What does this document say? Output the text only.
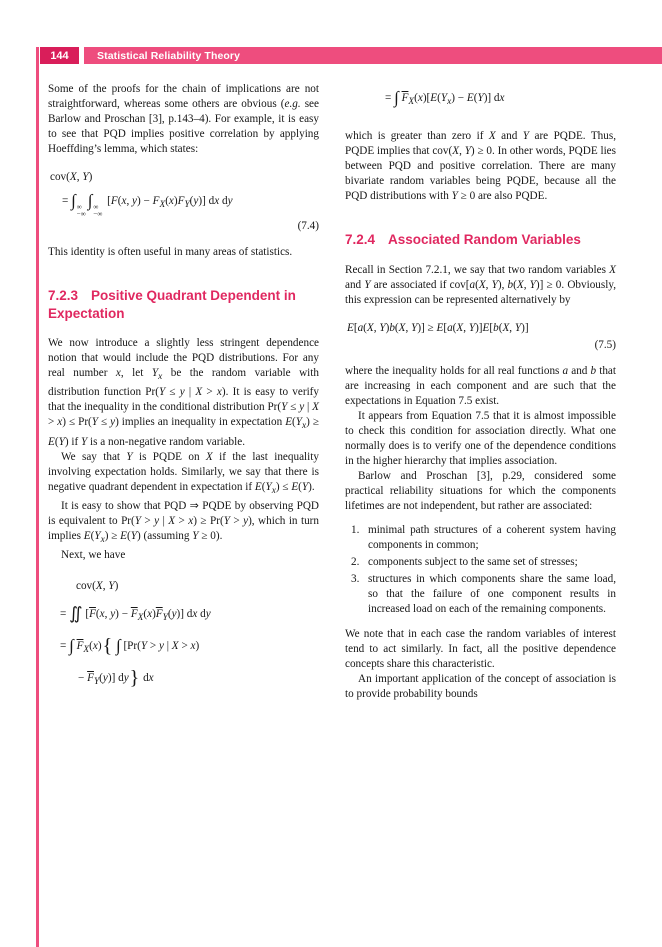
144	Statistical Reliability Theory

Some of the proofs for the chain of implications are not straightforward, whereas some others are obvious (e.g. see Barlow and Proschan [3], p.143–4). For example, it is easy to see that PQD implies positive correlation by applying Hoeffding’s lemma, which states:

cov(X, Y)
= ∫ ∞
−∞
∫ ∞
−∞
[F(x, $y) - F_X(x)F_Y(y)$] dx dy
(7.4)

This identity is often useful in many areas of statistics.

7.2.3 Positive Quadrant Dependent in Expectation

We now introduce a slightly less stringent dependence notion that would include the PQD distributions. For any real number x, let $Y_x$ be the random variable with distribution function Pr(Y ≤ y | X > x). It is easy to verify that the inequality in the conditional distribution Pr(Y ≤ y | X > x) ≤ Pr(Y ≤ y) implies an inequality in expectation $E(Y_x) \ge E(Y)$ if Y is a non-negative random variable.

We say that Y is PQDE on X if the last inequality involving expectation holds. Similarly, we say that there is negative quadrant dependent in expectation if $E(Y_x) \le E(Y)$.

It is easy to show that PQD ⇒ PQDE by observing PQD is equivalent to Pr(Y > y | X > x) ≥ Pr(Y > y), which in turn implies $E(Y_x) \ge E(Y)$ (assuming Y ≥ 0).

Next, we have

cov(X, Y)
= ∬ [$\overline{F}(x$, $y) - \overline{F}_X(x)\overline{F}_Y(y)$] dx dy
= ∫ $\overline{F}_X(x)${ ∫ [Pr(Y > y | X > x)
− $\overline{F}_Y(y)$] dy} dx
= ∫ $\overline{F}_X(x)[E(Y_x) - E(Y)]$ dx

which is greater than zero if X and Y are PQDE. Thus, PQDE implies that cov(X, Y) ≥ 0. In other words, PQDE lies between PQD and positive correlation. There are many bivariate random variables being PQDE, because all the PQD distributions with Y ≥ 0 are also PQDE.

7.2.4 Associated Random Variables

Recall in Section 7.2.1, we say that two random variables X and Y are associated if cov[a(X, Y), b(X, Y)] ≥ 0. Obviously, this expression can be represented alternatively by

E[a(X, Y)b(X, Y)] ≥ E[a(X, Y)]E[b(X, Y)]
(7.5)

where the inequality holds for all real functions a and b that are increasing in each component and are such that the expectations in Equation 7.5 exist.

It appears from Equation 7.5 that it is almost impossible to check this condition for association directly. What one normally does is to verify one of the dependence conditions in the higher hierarchy that implies association.

Barlow and Proschan [3], p.29, considered some practical reliability situations for which the components lifetimes are not independent, but rather are associated:

1. minimal path structures of a coherent system having components in common;
2. components subject to the same set of stresses;
3. structures in which components share the same load, so that the failure of one component results in increased load on each of the remaining components.

We note that in each case the random variables of interest tend to act similarly. In fact, all the positive dependence concepts share this characteristic.

An important application of the concept of association is to provide probability bounds
